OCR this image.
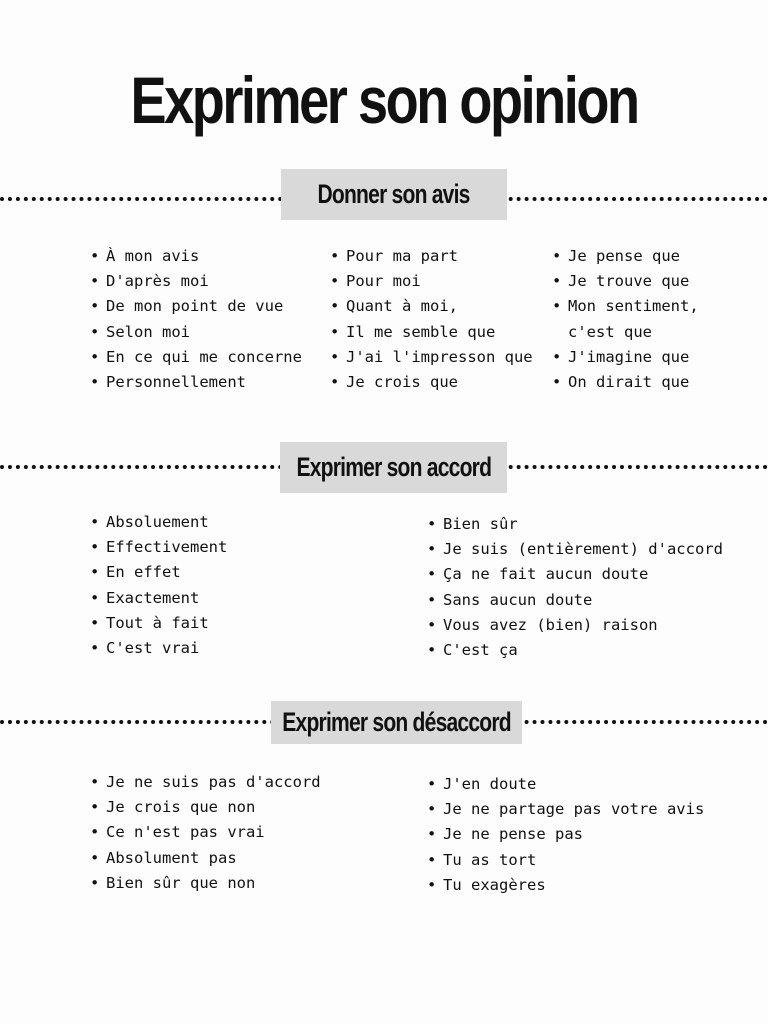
Exprimer son opinion
Donner son avis
• À mon avis
• D'après moi
• De mon point de vue
• Selon moi
• En ce qui me concerne
• Personnellement
• Pour ma part
• Pour moi
• Quant à moi,
• Il me semble que
• J'ai l'impresson que
• Je crois que
• Je pense que
• Je trouve que
• Mon sentiment,
c'est que
• J'imagine que
• On dirait que
Exprimer son accord
• Absoluement
• Effectivement
• En effet
• Exactement
• Tout à fait
• C'est vrai
• Bien sûr
• Je suis (entièrement) d'accord
• Ça ne fait aucun doute
• Sans aucun doute
• Vous avez (bien) raison
• C'est ça
Exprimer son désaccord
• Je ne suis pas d'accord
• Je crois que non
• Ce n'est pas vrai
• Absolument pas
• Bien sûr que non
• J'en doute
• Je ne partage pas votre avis
• Je ne pense pas
• Tu as tort
• Tu exagères
